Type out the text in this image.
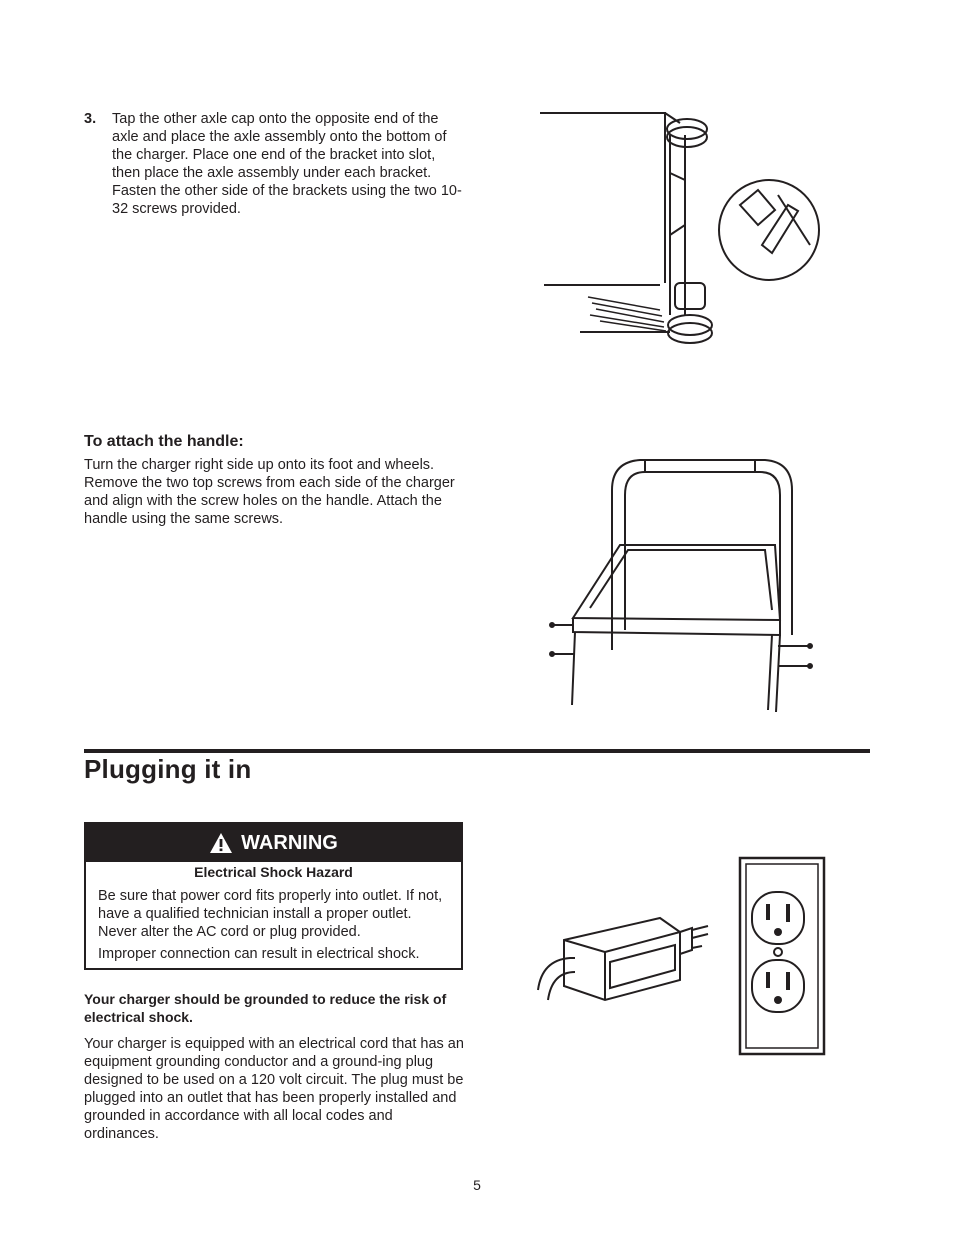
3. Tap the other axle cap onto the opposite end of the axle and place the axle assembly onto the bottom of the charger. Place one end of the bracket into slot, then place the axle assembly under each bracket. Fasten the other side of the brackets using the two 10-32 screws provided.
To attach the handle:
Turn the charger right side up onto its foot and wheels. Remove the two top screws from each side of the charger and align with the screw holes on the handle. Attach the handle using the same screws.
Plugging it in
WARNING
Electrical Shock Hazard
Be sure that power cord fits properly into outlet. If not, have a qualified technician install a proper outlet. Never alter the AC cord or plug provided.
Improper connection can result in electrical shock.
Your charger should be grounded to reduce the risk of electrical shock.
Your charger is equipped with an electrical cord that has an equipment grounding conductor and a ground-ing plug designed to be used on a 120 volt circuit. The plug must be plugged into an outlet that has been properly installed and grounded in accordance with all local codes and ordinances.
5
